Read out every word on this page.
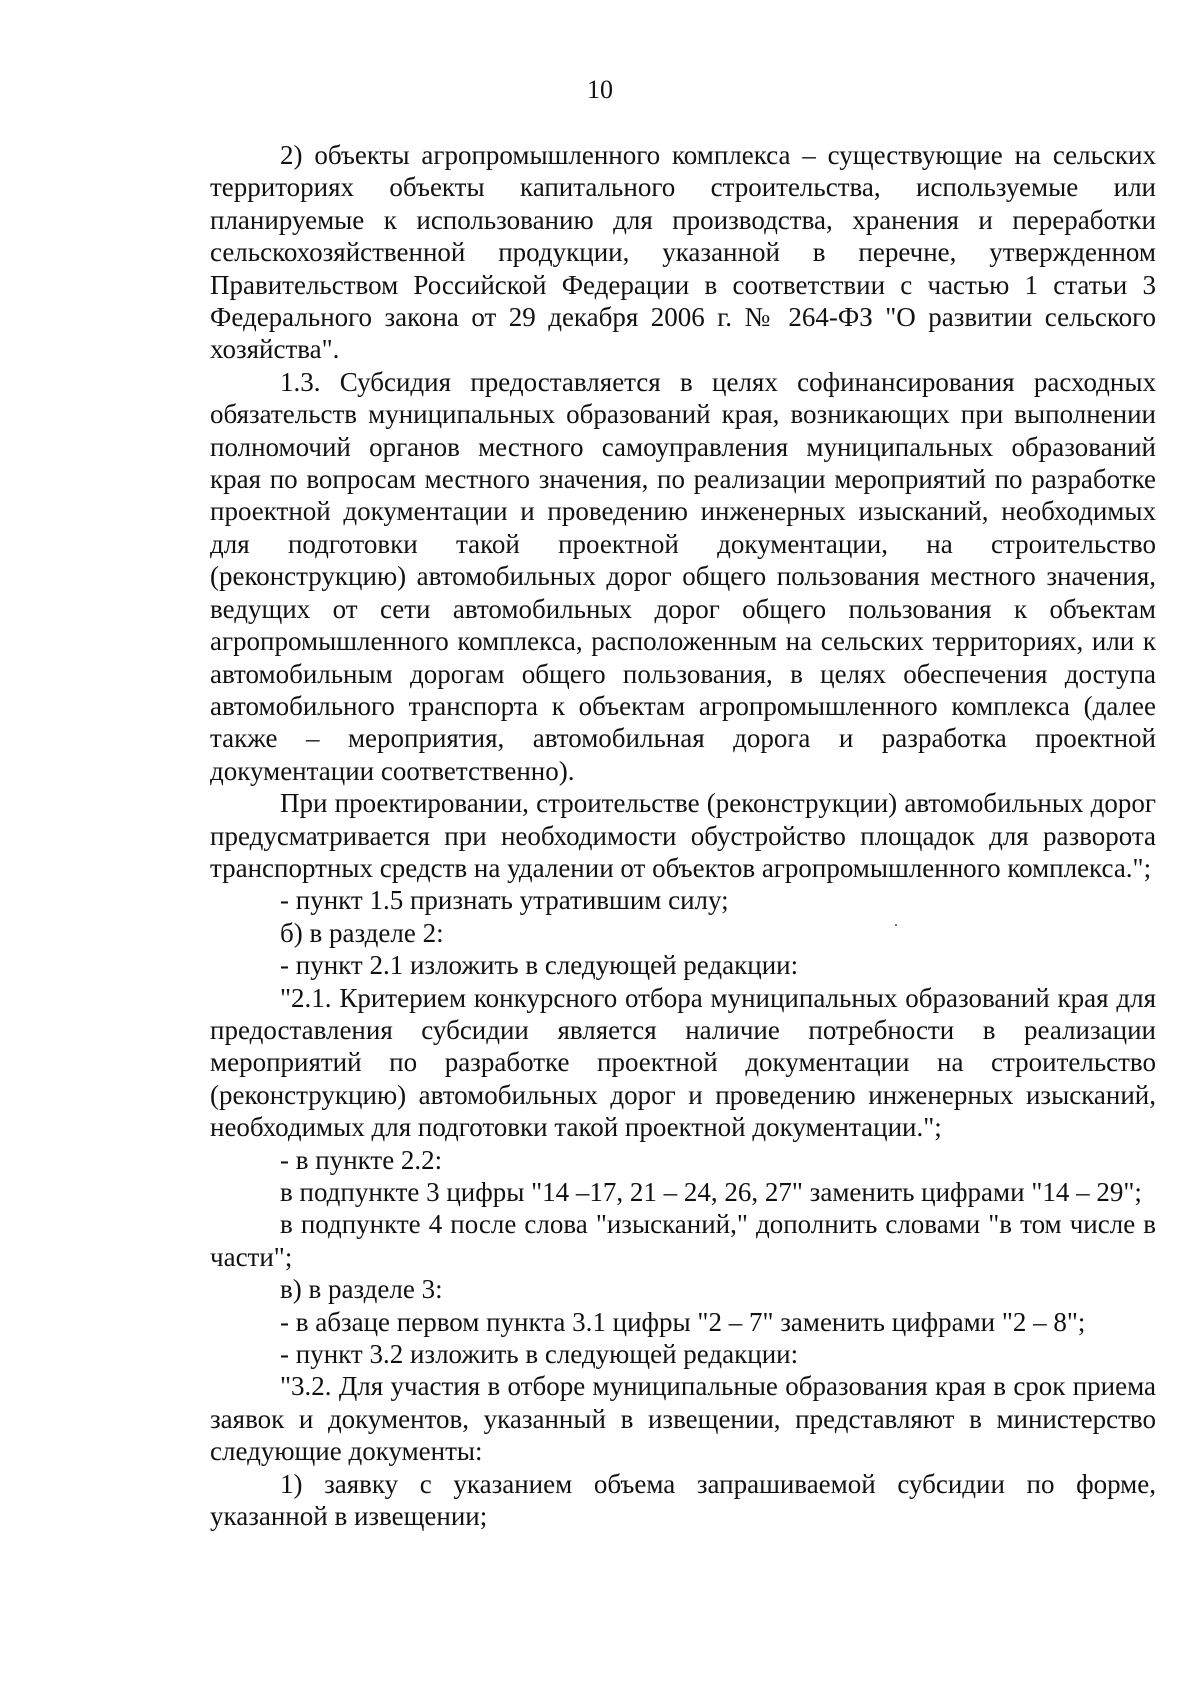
10

2) объекты агропромышленного комплекса – существующие на сельских территориях объекты капитального строительства, используемые или планируемые к использованию для производства, хранения и переработки сельскохозяйственной продукции, указанной в перечне, утвержденном Правительством Российской Федерации в соответствии с частью 1 статьи 3 Федерального закона от 29 декабря 2006 г. № 264-ФЗ "О развитии сельского хозяйства".

1.3. Субсидия предоставляется в целях софинансирования расходных обязательств муниципальных образований края, возникающих при выполнении полномочий органов местного самоуправления муниципальных образований края по вопросам местного значения, по реализации мероприятий по разработке проектной документации и проведению инженерных изысканий, необходимых для подготовки такой проектной документации, на строительство (реконструкцию) автомобильных дорог общего пользования местного значения, ведущих от сети автомобильных дорог общего пользования к объектам агропромышленного комплекса, расположенным на сельских территориях, или к автомобильным дорогам общего пользования, в целях обеспечения доступа автомобильного транспорта к объектам агропромышленного комплекса (далее также – мероприятия, автомобильная дорога и разработка проектной документации соответственно).

При проектировании, строительстве (реконструкции) автомобильных дорог предусматривается при необходимости обустройство площадок для разворота транспортных средств на удалении от объектов агропромышленного комплекса.";

- пункт 1.5 признать утратившим силу;

б) в разделе 2:

- пункт 2.1 изложить в следующей редакции:

"2.1. Критерием конкурсного отбора муниципальных образований края для предоставления субсидии является наличие потребности в реализации мероприятий по разработке проектной документации на строительство (реконструкцию) автомобильных дорог и проведению инженерных изысканий, необходимых для подготовки такой проектной документации.";

- в пункте 2.2:

в подпункте 3 цифры "14 –17, 21 – 24, 26, 27" заменить цифрами "14 – 29";

в подпункте 4 после слова "изысканий," дополнить словами "в том числе в части";

в) в разделе 3:

- в абзаце первом пункта 3.1 цифры "2 – 7" заменить цифрами "2 – 8";

- пункт 3.2 изложить в следующей редакции:

"3.2. Для участия в отборе муниципальные образования края в срок приема заявок и документов, указанный в извещении, представляют в министерство следующие документы:

1) заявку с указанием объема запрашиваемой субсидии по форме, указанной в извещении;
